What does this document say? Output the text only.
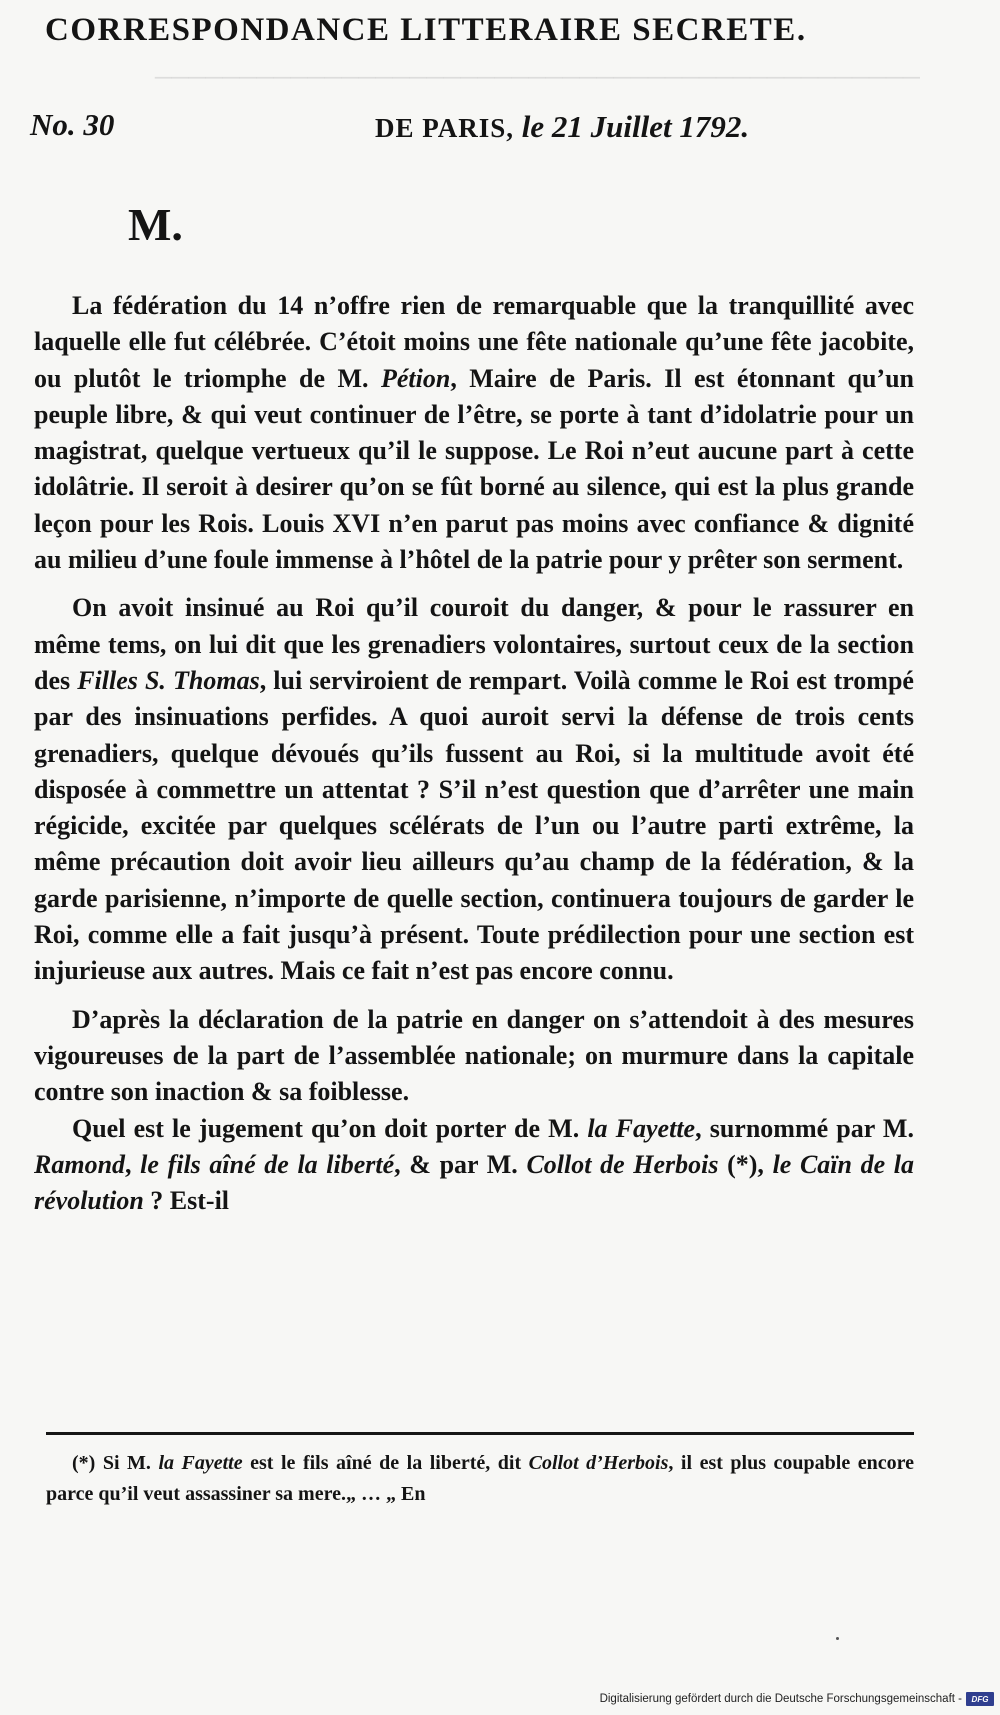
─────────────────────────────────────────────
CORRESPONDANCE LITTERAIRE SECRETE.
No. 30	DE PARIS, le 21 Juillet 1792.
M.

La fédération du 14 n’offre rien de remarquable que la tranquillité avec laquelle elle fut célébrée. C’étoit moins une fête nationale qu’une fête jacobite, ou plutôt le triomphe de M. Pétion, Maire de Paris. Il est étonnant qu’un peuple libre, & qui veut continuer de l’être, se porte à tant d’idolatrie pour un magistrat, quelque vertueux qu’il le suppose. Le Roi n’eut aucune part à cette idolâtrie. Il seroit à desirer qu’on se fût borné au silence, qui est la plus grande leçon pour les Rois. Louis XVI n’en parut pas moins avec confiance & dignité au milieu d’une foule immense à l’hôtel de la patrie pour y prêter son serment.

On avoit insinué au Roi qu’il couroit du danger, & pour le rassurer en même tems, on lui dit que les grenadiers volontaires, surtout ceux de la section des Filles S. Thomas, lui serviroient de rempart. Voilà comme le Roi est trompé par des insinuations perfides. A quoi auroit servi la défense de trois cents grenadiers, quelque dévoués qu’ils fussent au Roi, si la multitude avoit été disposée à commettre un attentat ? S’il n’est question que d’arrêter une main régicide, excitée par quelques scélérats de l’un ou l’autre parti extrême, la même précaution doit avoir lieu ailleurs qu’au champ de la fédération, & la garde parisienne, n’importe de quelle section, continuera toujours de garder le Roi, comme elle a fait jusqu’à présent. Toute prédilection pour une section est injurieuse aux autres. Mais ce fait n’est pas encore connu.

D’après la déclaration de la patrie en danger on s’attendoit à des mesures vigoureuses de la part de l’assemblée nationale; on murmure dans la capitale contre son inaction & sa foiblesse.

Quel est le jugement qu’on doit porter de M. la Fayette, surnommé par M. Ramond, le fils aîné de la liberté, & par M. Collot de Herbois (*), le Caïn de la révolution ? Est-il

(*) Si M. la Fayette est le fils aîné de la liberté, dit Collot d’Herbois, il est plus coupable encore parce qu’il veut assassiner sa mere.„ … „ En

Digitalisierung gefördert durch die Deutsche Forschungsgemeinschaft -	DFG
